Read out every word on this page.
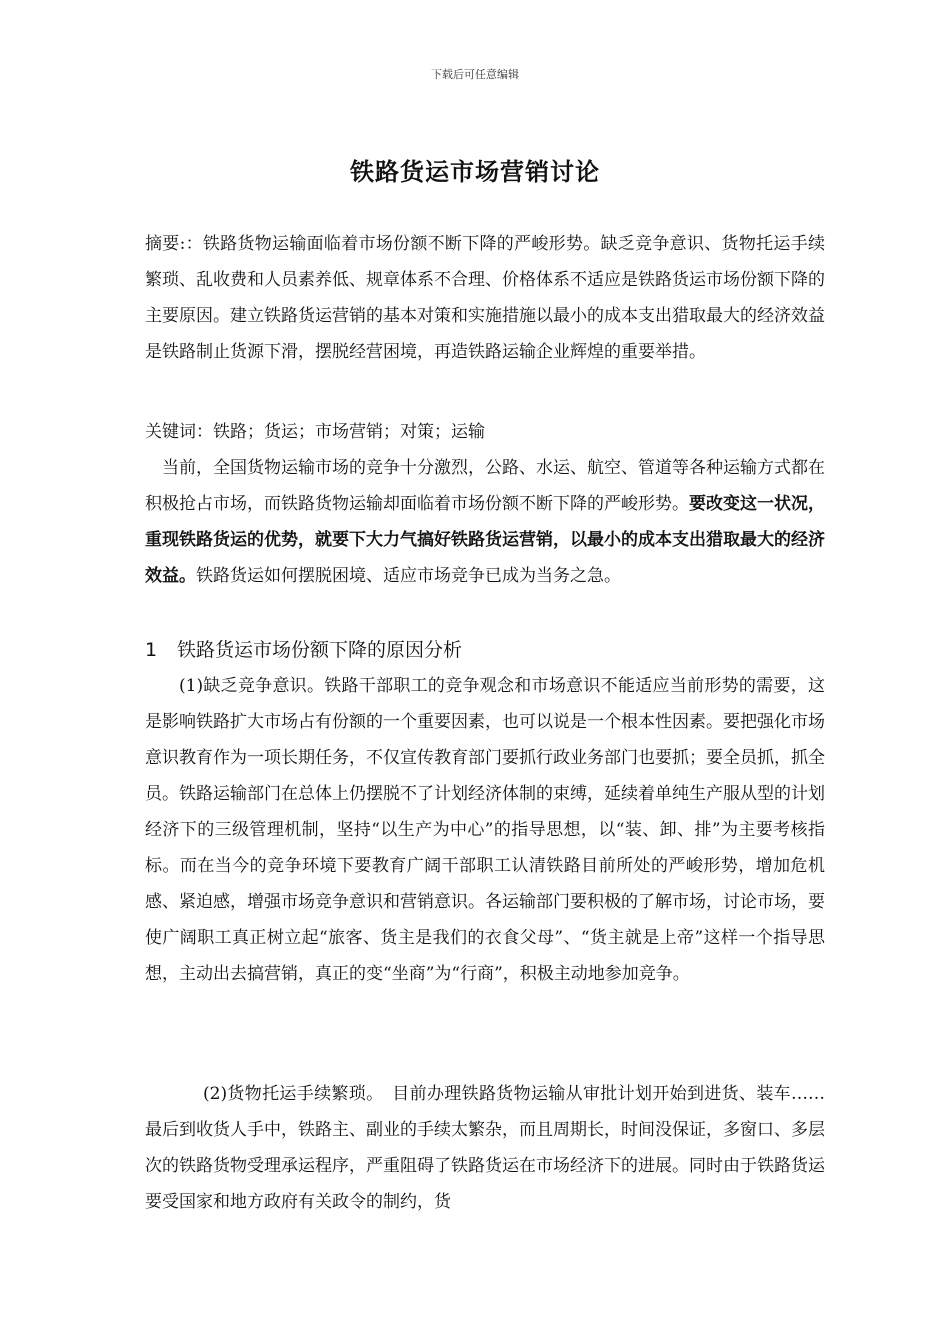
下载后可任意编辑
铁路货运市场营销讨论
摘要:：铁路货物运输面临着市场份额不断下降的严峻形势。缺乏竞争意识、货物托运手续繁琐、乱收费和人员素养低、规章体系不合理、价格体系不适应是铁路货运市场份额下降的主要原因。建立铁路货运营销的基本对策和实施措施以最小的成本支出猎取最大的经济效益是铁路制止货源下滑，摆脱经营困境，再造铁路运输企业辉煌的重要举措。
关键词：铁路；货运；市场营销；对策；运输
当前，全国货物运输市场的竞争十分激烈，公路、水运、航空、管道等各种运输方式都在积极抢占市场，而铁路货物运输却面临着市场份额不断下降的严峻形势。要改变这一状况，重现铁路货运的优势，就要下大力气搞好铁路货运营销，以最小的成本支出猎取最大的经济效益。铁路货运如何摆脱困境、适应市场竞争已成为当务之急。
1 铁路货运市场份额下降的原因分析
(1)缺乏竞争意识。铁路干部职工的竞争观念和市场意识不能适应当前形势的需要，这是影响铁路扩大市场占有份额的一个重要因素，也可以说是一个根本性因素。要把强化市场意识教育作为一项长期任务，不仅宣传教育部门要抓行政业务部门也要抓；要全员抓，抓全员。铁路运输部门在总体上仍摆脱不了计划经济体制的束缚，延续着单纯生产服从型的计划经济下的三级管理机制，坚持“以生产为中心”的指导思想，以“装、卸、排”为主要考核指标。而在当今的竞争环境下要教育广阔干部职工认清铁路目前所处的严峻形势，增加危机感、紧迫感，增强市场竞争意识和营销意识。各运输部门要积极的了解市场，讨论市场，要使广阔职工真正树立起“旅客、货主是我们的衣食父母”、“货主就是上帝”这样一个指导思想，主动出去搞营销，真正的变“坐商”为“行商”，积极主动地参加竞争。
(2)货物托运手续繁琐。　目前办理铁路货物运输从审批计划开始到进货、装车……最后到收货人手中，铁路主、副业的手续太繁杂，而且周期长，时间没保证，多窗口、多层次的铁路货物受理承运程序，严重阻碍了铁路货运在市场经济下的进展。同时由于铁路货运要受国家和地方政府有关政令的制约，货
